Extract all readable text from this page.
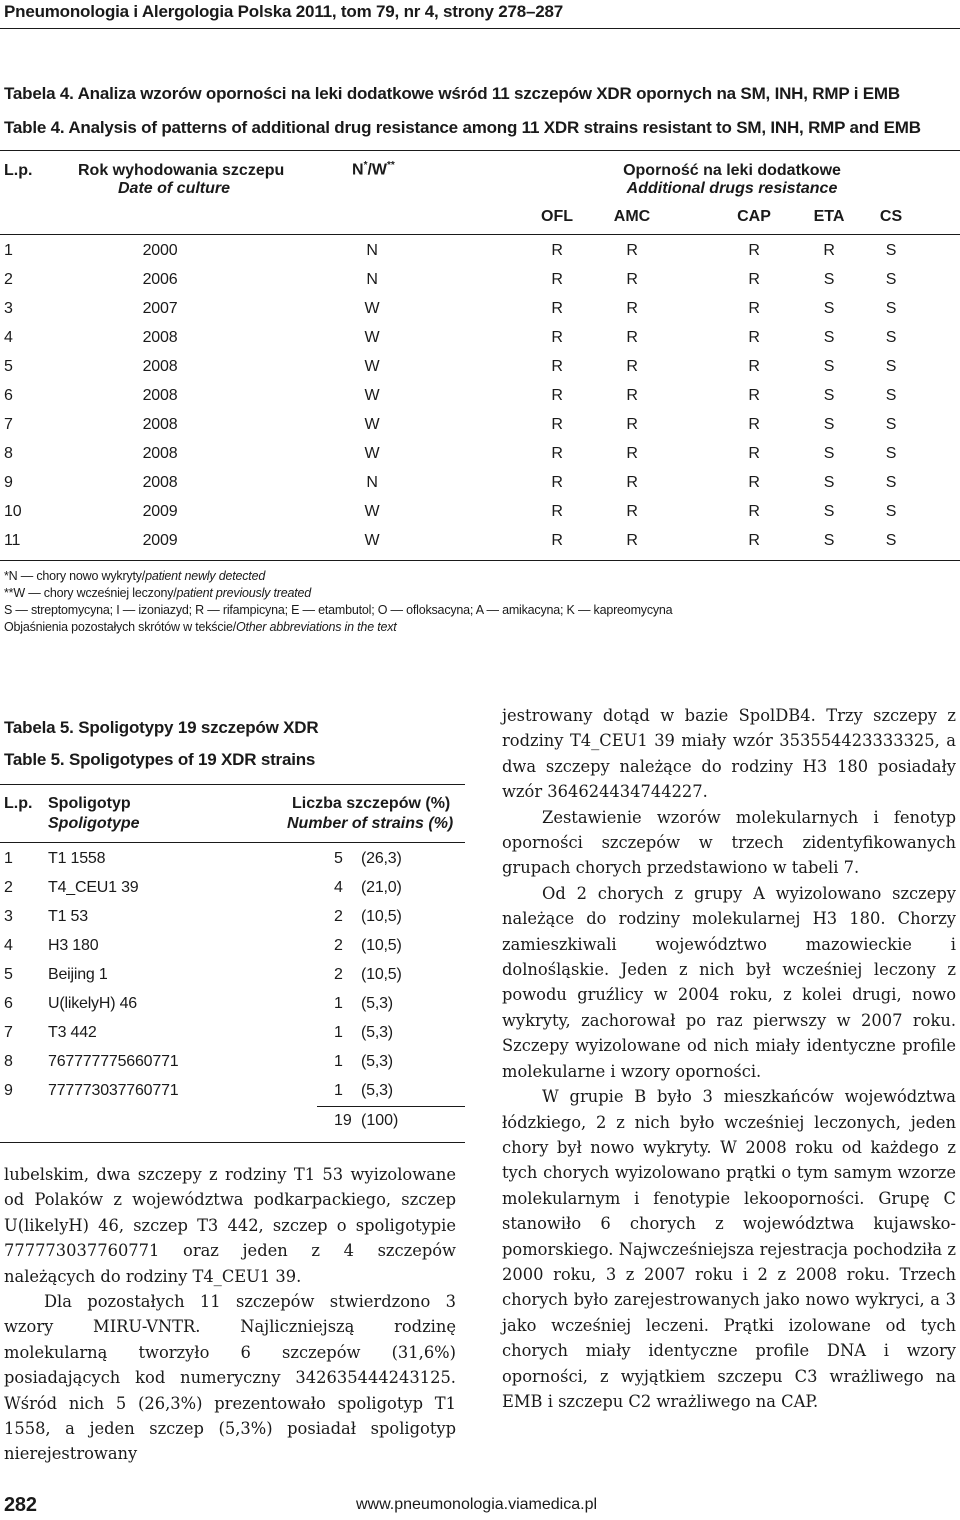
Pneumonologia i Alergologia Polska 2011, tom 79, nr 4, strony 278–287
Tabela 4. Analiza wzorów oporności na leki dodatkowe wśród 11 szczepów XDR opornych na SM, INH, RMP i EMB
Table 4. Analysis of patterns of additional drug resistance among 11 XDR strains resistant to SM, INH, RMP and EMB
L.p.	Rok wyhodowania szczepu
Date of culture
N*/W**	Oporność na leki dodatkowe
Additional drugs resistance
OFL	AMC	CAP	ETA CS
1	2000	N	R	R	R	R	S
2	2006	N	R	R	R	S	S
3	2007	W	R	R	R	S	S
4	2008	W	R	R	R	S	S
5	2008	W	R	R	R	S	S
6	2008	W	R	R	R	S	S
7	2008	W	R	R	R	S	S
8	2008	W	R	R	R	S	S
9	2008	N	R	R	R	S	S
10	2009	W	R	R	R	S	S
11	2009	W	R	R	R	S	S
*N — chory nowo wykryty/patient newly detected
**W — chory wcześniej leczony/patient previously treated
S — streptomycyna; I — izoniazyd; R — rifampicyna; E — etambutol; O — ofloksacyna; A — amikacyna; K — kapreomycyna
Objaśnienia pozostałych skrótów w tekście/Other abbreviations in the text
Tabela 5. Spoligotypy 19 szczepów XDR
Table 5. Spoligotypes of 19 XDR strains
L.p. Spoligotyp
Spoligotype
Liczba szczepów (%)
Number of strains (%)
1 T1 1558	5 (26,3)
2 T4_CEU1 39	4 (21,0)
3 T1 53	2 (10,5)
4 H3 180	2 (10,5)
5 Beijing 1	2 (10,5)
6 U(likelyH) 46	1 (5,3)
7 T3 442	1 (5,3)
8 767777775660771	1 (5,3)
9 777773037760771	1 (5,3)
19 (100)

lubelskim, dwa szczepy z rodziny T1 53 wyizolowane od Polaków z województwa podkarpackiego, szczep U(likelyH) 46, szczep T3 442, szczep o spoligotypie 777773037760771 oraz jeden z 4 szczepów należących do rodziny T4_CEU1 39.

Dla pozostałych 11 szczepów stwierdzono 3 wzory MIRU-VNTR. Najliczniejszą rodzinę molekularną tworzyło 6 szczepów (31,6%) posiadających kod numeryczny 342635444243125. Wśród nich 5 (26,3%) prezentowało spoligotyp T1 1558, a jeden szczep (5,3%) posiadał spoligotyp nierejestrowany

jestrowany dotąd w bazie SpolDB4. Trzy szczepy z rodziny T4_CEU1 39 miały wzór 353554423333325, a dwa szczepy należące do rodziny H3 180 posiadały wzór 364624434744227.

Zestawienie wzorów molekularnych i fenotyp oporności szczepów w trzech zidentyfikowanych grupach chorych przedstawiono w tabeli 7.

Od 2 chorych z grupy A wyizolowano szczepy należące do rodziny molekularnej H3 180. Chorzy zamieszkiwali województwo mazowieckie i dolnośląskie. Jeden z nich był wcześniej leczony z powodu gruźlicy w 2004 roku, z kolei drugi, nowo wykryty, zachorował po raz pierwszy w 2007 roku. Szczepy wyizolowane od nich miały identyczne profile molekularne i wzory oporności.

W grupie B było 3 mieszkańców województwa łódzkiego, 2 z nich było wcześniej leczonych, jeden chory był nowo wykryty. W 2008 roku od każdego z tych chorych wyizolowano prątki o tym samym wzorze molekularnym i fenotypie lekooporności. Grupę C stanowiło 6 chorych z województwa kujawsko-pomorskiego. Najwcześniejsza rejestracja pochodziła z 2000 roku, 3 z 2007 roku i 2 z 2008 roku. Trzech chorych było zarejestrowanych jako nowo wykryci, a 3 jako wcześniej leczeni. Prątki izolowane od tych chorych miały identyczne profile DNA i wzory oporności, z wyjątkiem szczepu C3 wrażliwego na EMB i szczepu C2 wrażliwego na CAP.

282	www.pneumonologia.viamedica.pl
